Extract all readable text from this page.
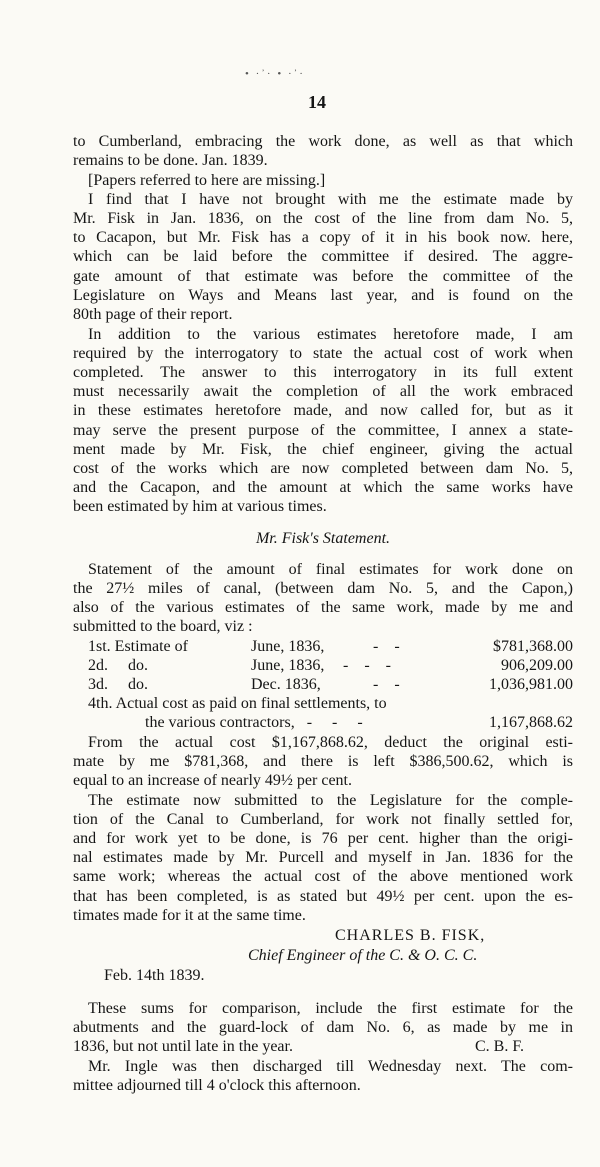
• ·᾿· • ·᾿·
14
to Cumberland, embracing the work done, as well as that which
remains to be done. Jan. 1839.
[Papers referred to here are missing.]
I find that I have not brought with me the estimate made by
Mr. Fisk in Jan. 1836, on the cost of the line from dam No. 5,
to Cacapon, but Mr. Fisk has a copy of it in his book now. here,
which can be laid before the committee if desired. The aggre-
gate amount of that estimate was before the committee of the
Legislature on Ways and Means last year, and is found on the
80th page of their report.
In addition to the various estimates heretofore made, I am
required by the interrogatory to state the actual cost of work when
completed. The answer to this interrogatory in its full extent
must necessarily await the completion of all the work embraced
in these estimates heretofore made, and now called for, but as it
may serve the present purpose of the committee, I annex a state-
ment made by Mr. Fisk, the chief engineer, giving the actual
cost of the works which are now completed between dam No. 5,
and the Cacapon, and the amount at which the same works have
been estimated by him at various times.
Mr. Fisk's Statement.
Statement of the amount of final estimates for work done on
the 27½ miles of canal, (between dam No. 5, and the Capon,)
also of the various estimates of the same work, made by me and
submitted to the board, viz :
1st. Estimate of	June, 1836,	-    -	$781,368.00
2d.     do.	June, 1836, -    -    -	906,209.00
3d.     do.	Dec. 1836,	-    -	1,036,981.00
4th. Actual cost as paid on final settlements, to
the various contractors,   -     -     -	1,167,868.62
From the actual cost $1,167,868.62, deduct the original esti-
mate by me $781,368, and there is left $386,500.62, which is
equal to an increase of nearly 49½ per cent.
The estimate now submitted to the Legislature for the comple-
tion of the Canal to Cumberland, for work not finally settled for,
and for work yet to be done, is 76 per cent. higher than the origi-
nal estimates made by Mr. Purcell and myself in Jan. 1836 for the
same work; whereas the actual cost of the above mentioned work
that has been completed, is as stated but 49½ per cent. upon the es-
timates made for it at the same time.
CHARLES B. FISK,
Chief Engineer of the C. & O. C. C.
Feb. 14th 1839.
These sums for comparison, include the first estimate for the
abutments and the guard-lock of dam No. 6, as made by me in
1836, but not until late in the year.	C. B. F.
Mr. Ingle was then discharged till Wednesday next. The com-
mittee adjourned till 4 o'clock this afternoon.
